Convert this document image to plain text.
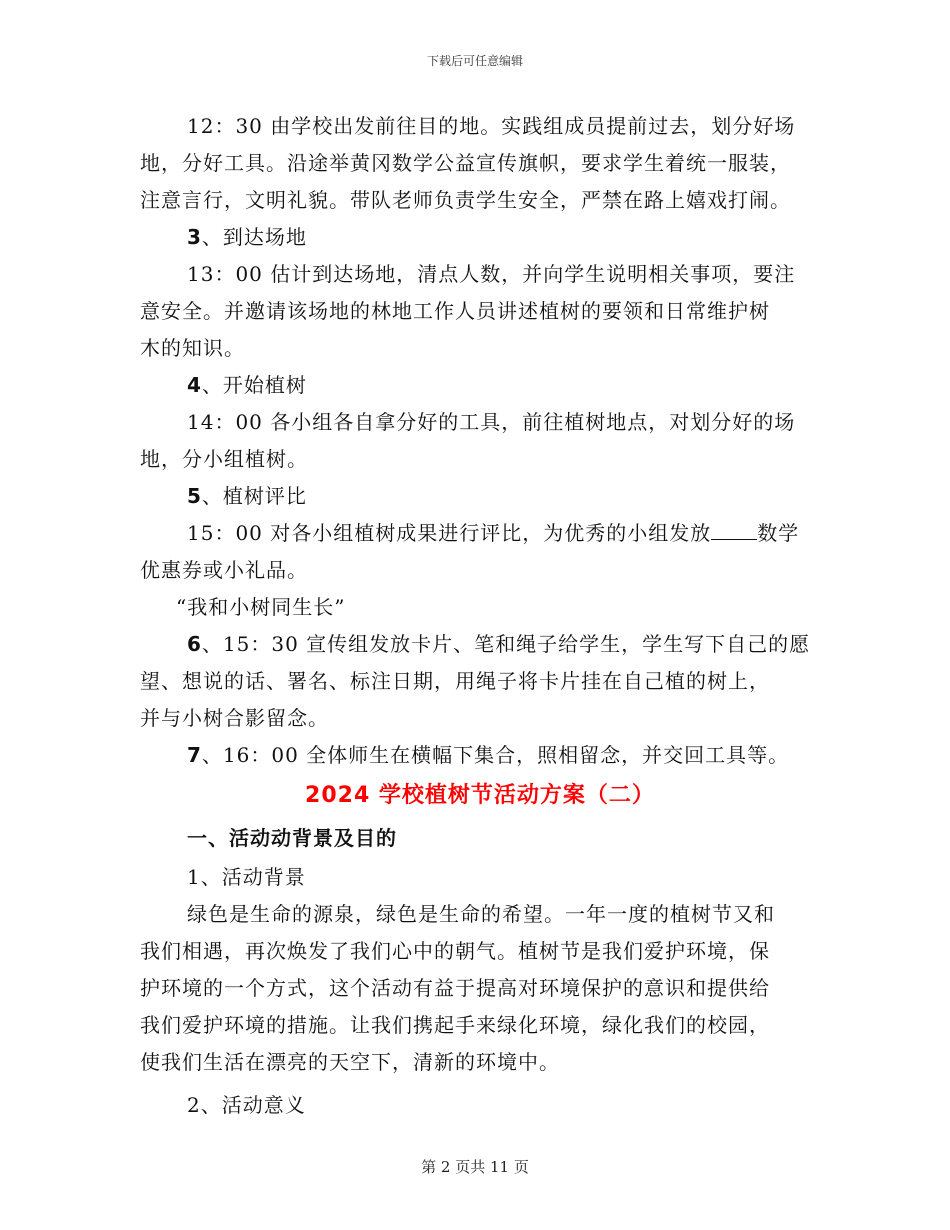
下载后可任意编辑

12：30 由学校出发前往目的地。实践组成员提前过去，划分好场

地，分好工具。沿途举黄冈数学公益宣传旗帜，要求学生着统一服装，

注意言行，文明礼貌。带队老师负责学生安全，严禁在路上嬉戏打闹。

3、到达场地

13：00 估计到达场地，清点人数，并向学生说明相关事项，要注

意安全。并邀请该场地的林地工作人员讲述植树的要领和日常维护树

木的知识。

4、开始植树

14：00 各小组各自拿分好的工具，前往植树地点，对划分好的场

地，分小组植树。

5、植树评比

15：00 对各小组植树成果进行评比，为优秀的小组发放 数学

优惠券或小礼品。

“我和小树同生长”

6、15：30 宣传组发放卡片、笔和绳子给学生，学生写下自己的愿

望、想说的话、署名、标注日期，用绳子将卡片挂在自己植的树上，

并与小树合影留念。

7、16：00 全体师生在横幅下集合，照相留念，并交回工具等。

2024 学校植树节活动方案（二）

一、活动动背景及目的

1、活动背景

绿色是生命的源泉，绿色是生命的希望。一年一度的植树节又和

我们相遇，再次焕发了我们心中的朝气。植树节是我们爱护环境，保

护环境的一个方式，这个活动有益于提高对环境保护的意识和提供给

我们爱护环境的措施。让我们携起手来绿化环境，绿化我们的校园，

使我们生活在漂亮的天空下，清新的环境中。

2、活动意义

第 2 页共 11 页
